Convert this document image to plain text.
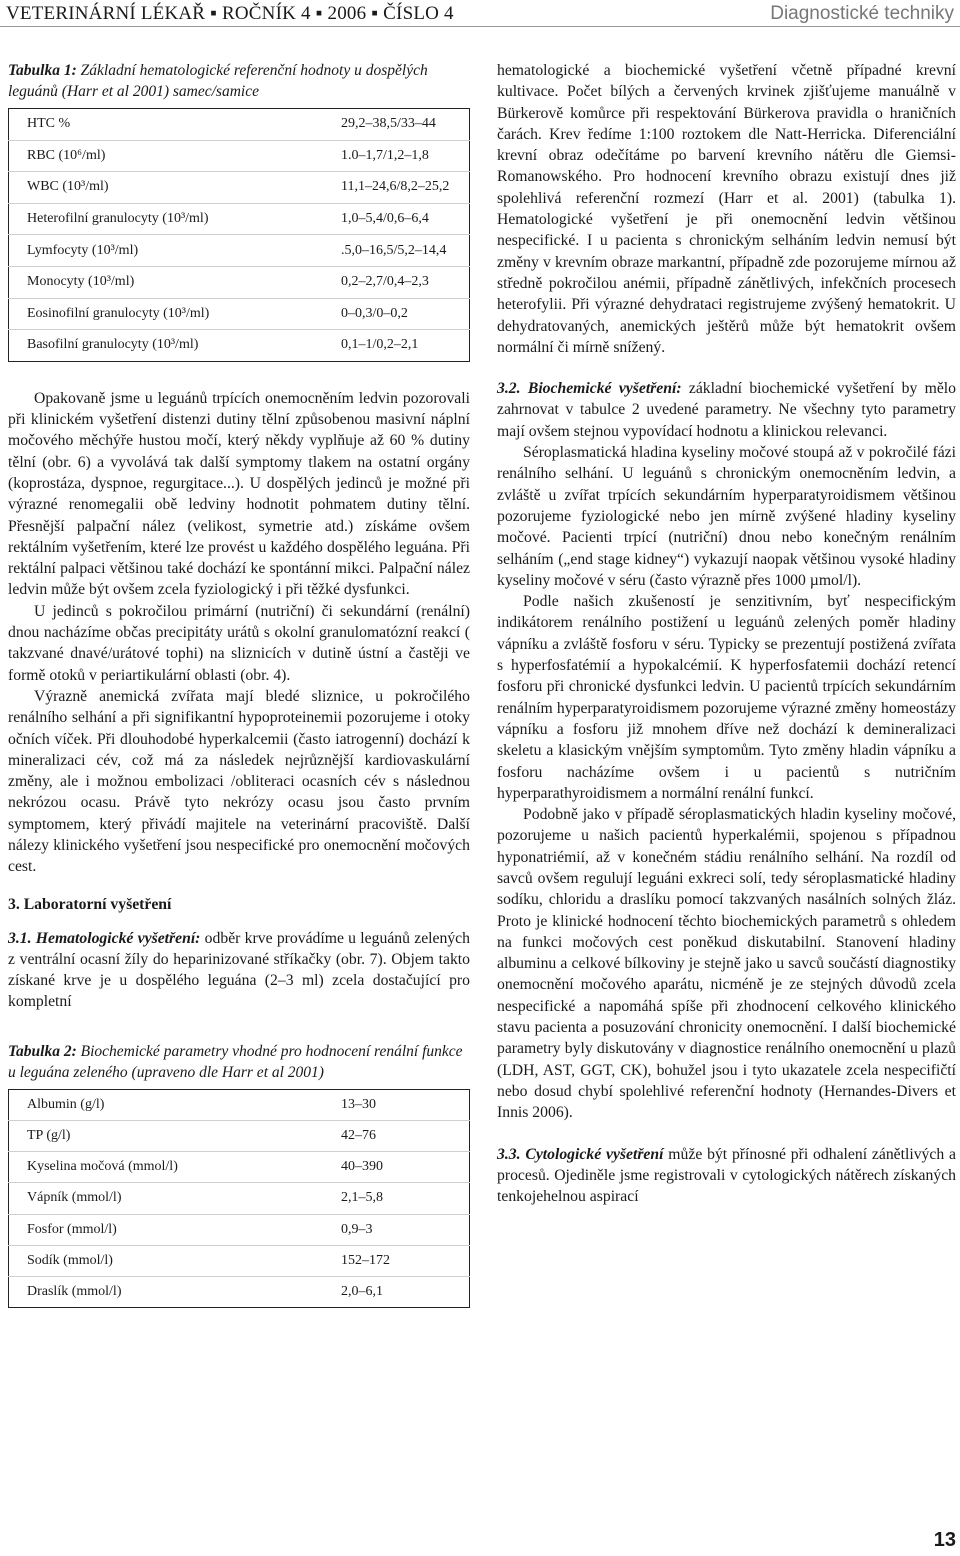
VETERINÁRNÍ LÉKAŘ ▪ ROČNÍK 4 ▪ 2006 ▪ ČÍSLO 4	Diagnostické techniky

Tabulka 1: Základní hematologické referenční hodnoty u dospělých leguánů (Harr et al 2001) samec/samice

HTC %	29,2–38,5/33–44
RBC (10⁶/ml)	1.0–1,7/1,2–1,8
WBC (10³/ml)	11,1–24,6/8,2–25,2
Heterofilní granulocyty (10³/ml)	1,0–5,4/0,6–6,4
Lymfocyty (10³/ml)	.5,0–16,5/5,2–14,4
Monocyty (10³/ml)	0,2–2,7/0,4–2,3
Eosinofilní granulocyty (10³/ml)	0–0,3/0–0,2
Basofilní granulocyty (10³/ml)	0,1–1/0,2–2,1

Opakovaně jsme u leguánů trpících onemocněním ledvin pozorovali při klinickém vyšetření distenzi dutiny tělní způsobenou masivní náplní močového měchýře hustou močí, který někdy vyplňuje až 60 % dutiny tělní (obr. 6) a vyvolává tak další symptomy tlakem na ostatní orgány (koprostáza, dyspnoe, regurgitace...). U dospělých jedinců je možné při výrazné renomegalii obě ledviny hodnotit pohmatem dutiny tělní. Přesnější palpační nález (velikost, symetrie atd.) získáme ovšem rektálním vyšetřením, které lze provést u každého dospělého leguána. Při rektální palpaci většinou také dochází ke spontánní mikci. Palpační nález ledvin může být ovšem zcela fyziologický i při těžké dysfunkci.

U jedinců s pokročilou primární (nutriční) či sekundární (renální) dnou nacházíme občas precipitáty urátů s okolní granulomatózní reakcí ( takzvané dnavé/urátové tophi) na sliznicích v dutině ústní a častěji ve formě otoků v periartikulární oblasti (obr. 4).

Výrazně anemická zvířata mají bledé sliznice, u pokročilého renálního selhání a při signifikantní hypoproteinemii pozorujeme i otoky očních víček. Při dlouhodobé hyperkalcemii (často iatrogenní) dochází k mineralizaci cév, což má za následek nejrůznější kardiovaskulární změny, ale i možnou embolizaci /obliteraci ocasních cév s následnou nekrózou ocasu. Právě tyto nekrózy ocasu jsou často prvním symptomem, který přivádí majitele na veterinární pracoviště. Další nálezy klinického vyšetření jsou nespecifické pro onemocnění močových cest.

3. Laboratorní vyšetření

3.1. Hematologické vyšetření: odběr krve provádíme u leguánů zelených z ventrální ocasní žíly do heparinizované stříkačky (obr. 7). Objem takto získané krve je u dospělého leguána (2–3 ml) zcela dostačující pro kompletní

Tabulka 2: Biochemické parametry vhodné pro hodnocení renální funkce u leguána zeleného (upraveno dle Harr et al 2001)

Albumin (g/l)	13–30
TP (g/l)	42–76
Kyselina močová (mmol/l)	40–390
Vápník (mmol/l)	2,1–5,8
Fosfor (mmol/l)	0,9–3
Sodík (mmol/l)	152–172
Draslík (mmol/l)	2,0–6,1

hematologické a biochemické vyšetření včetně případné krevní kultivace. Počet bílých a červených krvinek zjišťujeme manuálně v Bürkerově komůrce při respektování Bürkerova pravidla o hraničních čarách. Krev ředíme 1:100 roztokem dle Natt-Herricka. Diferenciální krevní obraz odečítáme po barvení krevního nátěru dle Giemsi-Romanowského. Pro hodnocení krevního obrazu existují dnes již spolehlivá referenční rozmezí (Harr et al. 2001) (tabulka 1). Hematologické vyšetření je při onemocnění ledvin většinou nespecifické. I u pacienta s chronickým selháním ledvin nemusí být změny v krevním obraze markantní, případně zde pozorujeme mírnou až středně pokročilou anémii, případně zánětlivých, infekčních procesech heterofylii. Při výrazné dehydrataci registrujeme zvýšený hematokrit. U dehydratovaných, anemických ještěrů může být hematokrit ovšem normální či mírně snížený.

3.2. Biochemické vyšetření: základní biochemické vyšetření by mělo zahrnovat v tabulce 2 uvedené parametry. Ne všechny tyto parametry mají ovšem stejnou vypovídací hodnotu a klinickou relevanci.

Séroplasmatická hladina kyseliny močové stoupá až v pokročilé fázi renálního selhání. U leguánů s chronickým onemocněním ledvin, a zvláště u zvířat trpících sekundárním hyperparatyroidismem většinou pozorujeme fyziologické nebo jen mírně zvýšené hladiny kyseliny močové. Pacienti trpící (nutriční) dnou nebo konečným renálním selháním („end stage kidney“) vykazují naopak většinou vysoké hladiny kyseliny močové v séru (často výrazně přes 1000 µmol/l).

Podle našich zkušeností je senzitivním, byť nespecifickým indikátorem renálního postižení u leguánů zelených poměr hladiny vápníku a zvláště fosforu v séru. Typicky se prezentují postižená zvířata s hyperfosfatémií a hypokalcémií. K hyperfosfatemii dochází retencí fosforu při chronické dysfunkci ledvin. U pacientů trpících sekundárním renálním hyperparatyroidismem pozorujeme výrazné změny homeostázy vápníku a fosforu již mnohem dříve než dochází k demineralizaci skeletu a klasickým vnějším symptomům. Tyto změny hladin vápníku a fosforu nacházíme ovšem i u pacientů s nutričním hyperparathyroidismem a normální renální funkcí.

Podobně jako v případě séroplasmatických hladin kyseliny močové, pozorujeme u našich pacientů hyperkalémii, spojenou s případnou hyponatriémií, až v konečném stádiu renálního selhání. Na rozdíl od savců ovšem regulují leguáni exkreci solí, tedy séroplasmatické hladiny sodíku, chloridu a draslíku pomocí takzvaných nasálních solných žláz. Proto je klinické hodnocení těchto biochemických parametrů s ohledem na funkci močových cest poněkud diskutabilní. Stanovení hladiny albuminu a celkové bílkoviny je stejně jako u savců součástí diagnostiky onemocnění močového aparátu, nicméně je ze stejných důvodů zcela nespecifické a napomáhá spíše při zhodnocení celkového klinického stavu pacienta a posuzování chronicity onemocnění. I další biochemické parametry byly diskutovány v diagnostice renálního onemocnění u plazů (LDH, AST, GGT, CK), bohužel jsou i tyto ukazatele zcela nespecifičtí nebo dosud chybí spolehlivé referenční hodnoty (Hernandes-Divers et Innis 2006).

3.3. Cytologické vyšetření může být přínosné při odhalení zánětlivých a procesů. Ojediněle jsme registrovali v cytologických nátěrech získaných tenkojehelnou aspirací

13
